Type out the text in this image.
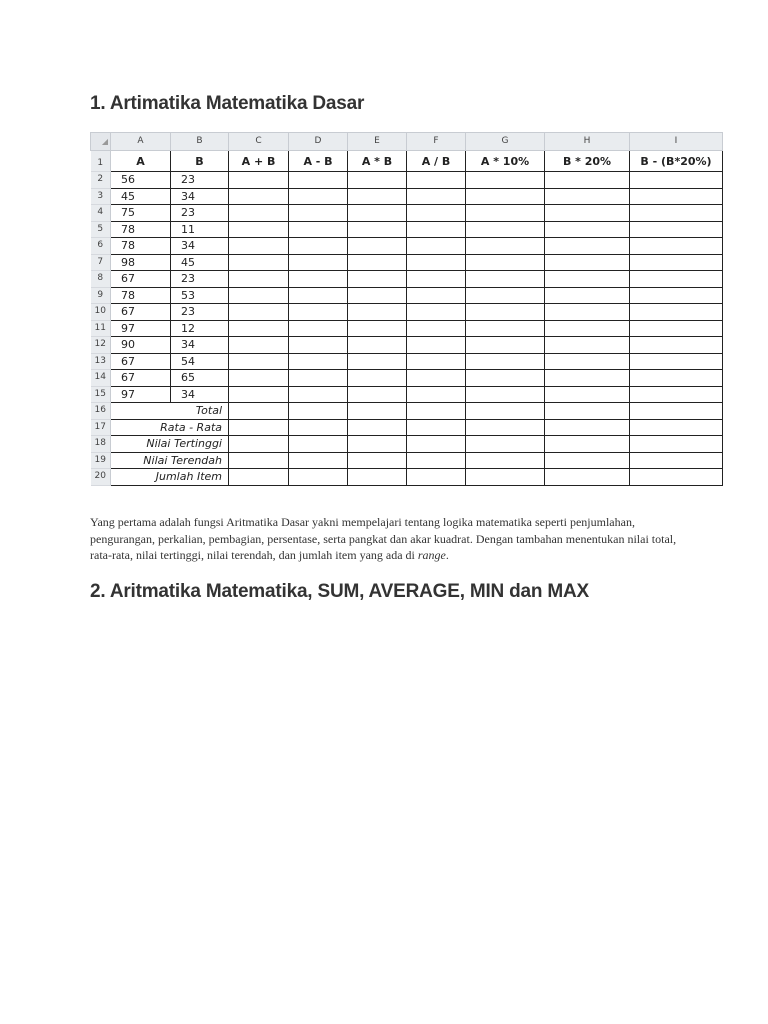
1. Artimatika Matematika Dasar
◢	A	B	C	D	E	F	G	H	I
1	A	B	A + B	A - B	A * B	A / B	A * 10%	B * 20%	B - (B*20%)
2	56	23							
3	45	34							
4	75	23							
5	78	11							
6	78	34							
7	98	45							
8	67	23							
9	78	53							
10	67	23							
11	97	12							
12	90	34							
13	67	54							
14	67	65							
15	97	34							
16	Total								
17	Rata - Rata								
18	Nilai Tertinggi								
19	Nilai Terendah								
20	Jumlah Item								

Yang pertama adalah fungsi Aritmatika Dasar yakni mempelajari tentang logika matematika seperti penjumlahan, pengurangan, perkalian, pembagian, persentase, serta pangkat dan akar kuadrat. Dengan tambahan menentukan nilai total, rata-rata, nilai tertinggi, nilai terendah, dan jumlah item yang ada di range.

2. Aritmatika Matematika, SUM, AVERAGE, MIN dan MAX
